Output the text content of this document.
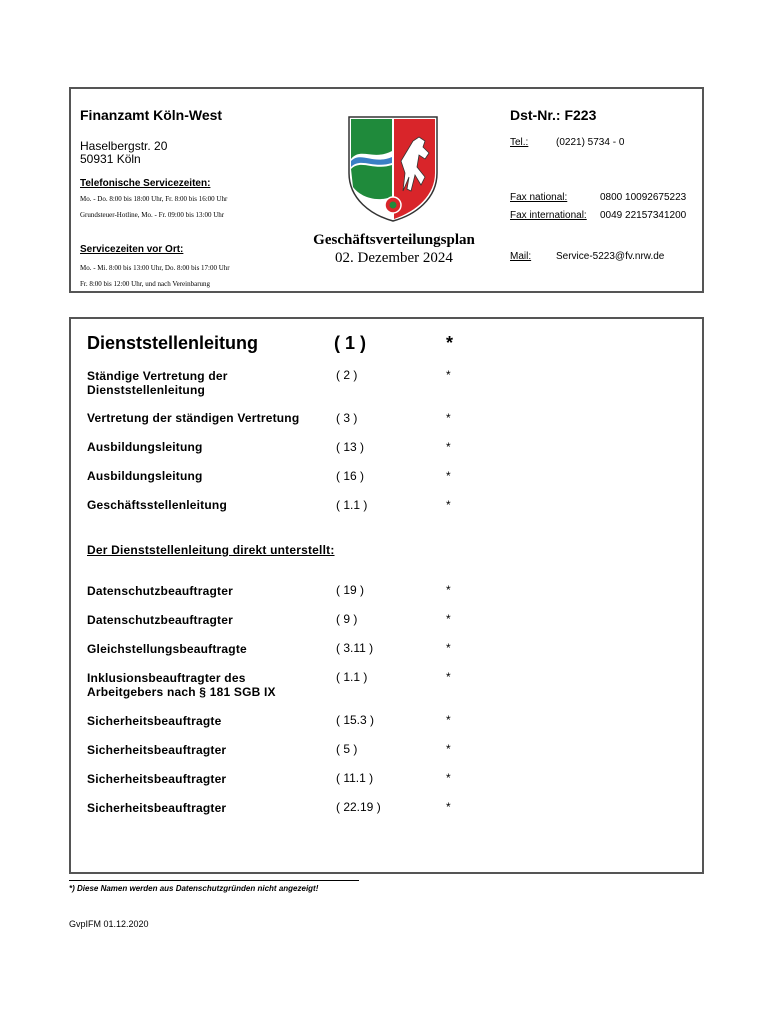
Finanzamt Köln-West	Dst-Nr.: F223
Haselbergstr. 20
50931 Köln
Tel.:	(0221) 5734 - 0
Telefonische Servicezeiten:
Mo. - Do. 8:00 bis 18:00 Uhr, Fr. 8:00 bis 16:00 Uhr
Grundsteuer-Hotline, Mo. - Fr. 09:00 bis 13:00 Uhr
Fax national:	0800 10092675223
Fax international: 0049 22157341200
Servicezeiten vor Ort:
Mo. - Mi. 8:00 bis 13:00 Uhr, Do. 8:00 bis 17:00 Uhr
Fr. 8:00 bis 12:00 Uhr, und nach Vereinbarung
Geschäftsverteilungsplan
02. Dezember 2024	Mail: Service-5223@fv.nrw.de
Dienststellenleitung	( 1 )	*
Ständige Vertretung der
Dienststellenleitung
( 2 )	*
Vertretung der ständigen Vertretung	( 3 )	*
Ausbildungsleitung	( 13 )	*
Ausbildungsleitung	( 16 )	*
Geschäftsstellenleitung	( 1.1 )	*
Der Dienststellenleitung direkt unterstellt:
Datenschutzbeauftragter	( 19 )	*
Datenschutzbeauftragter	( 9 )	*
Gleichstellungsbeauftragte	( 3.11 )	*
Inklusionsbeauftragter des
Arbeitgebers nach § 181 SGB IX
( 1.1 )	*
Sicherheitsbeauftragte	( 15.3 )	*
Sicherheitsbeauftragter	( 5 )	*
Sicherheitsbeauftragter	( 11.1 )	*
Sicherheitsbeauftragter	( 22.19 )	*
*) Diese Namen werden aus Datenschutzgründen nicht angezeigt!
GvpIFM 01.12.2020
